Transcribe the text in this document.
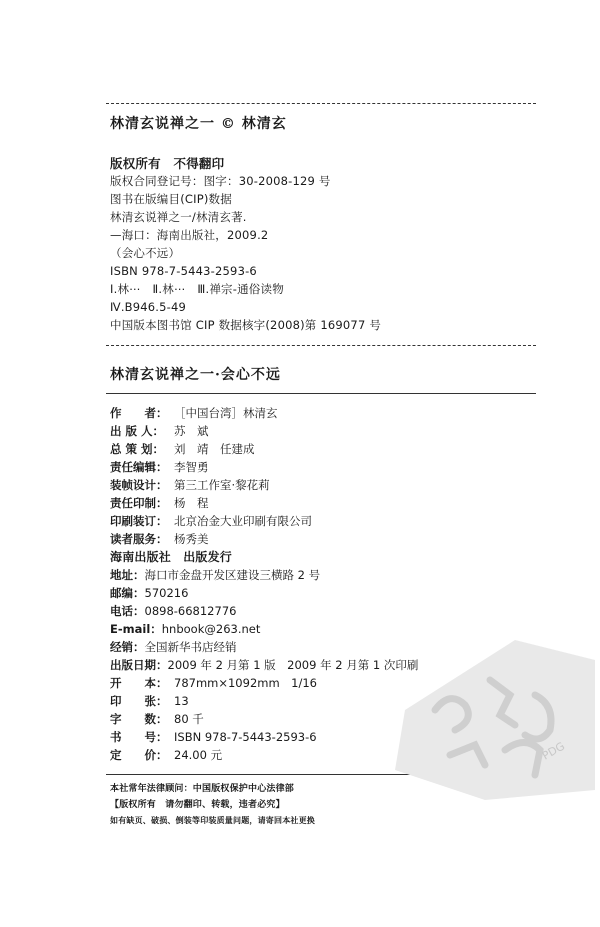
林清玄说禅之一 © 林清玄
版权所有　不得翻印
版权合同登记号：图字：30-2008-129 号
图书在版编目(CIP)数据
林清玄说禅之一/林清玄著.
—海口：海南出版社，2009.2
（会心不远）
ISBN 978-7-5443-2593-6
Ⅰ.林⋯　Ⅱ.林⋯　Ⅲ.禅宗-通俗读物
Ⅳ.B946.5-49
中国版本图书馆 CIP 数据核字(2008)第 169077 号
林清玄说禅之一·会心不远
作　　者： ［中国台湾］林清玄
出 版 人： 苏　斌
总 策 划： 刘　靖　任建成
责任编辑： 李智勇
装帧设计： 第三工作室·黎花莉
责任印制： 杨　程
印刷装订： 北京冶金大业印刷有限公司
读者服务： 杨秀美
海南出版社　出版发行
地址：海口市金盘开发区建设三横路 2 号
邮编：570216
电话：0898-66812776
E-mail：hnbook@263.net
经销：全国新华书店经销
出版日期：2009 年 2 月第 1 版　2009 年 2 月第 1 次印刷
开　　本： 787mm×1092mm　1/16
印　　张： 13
字　　数： 80 千
书　　号： ISBN 978-7-5443-2593-6
定　　价： 24.00 元
本社常年法律顾问：中国版权保护中心法律部
【版权所有　请勿翻印、转载，违者必究】
如有缺页、破损、倒装等印装质量问题，请寄回本社更换
PDG
